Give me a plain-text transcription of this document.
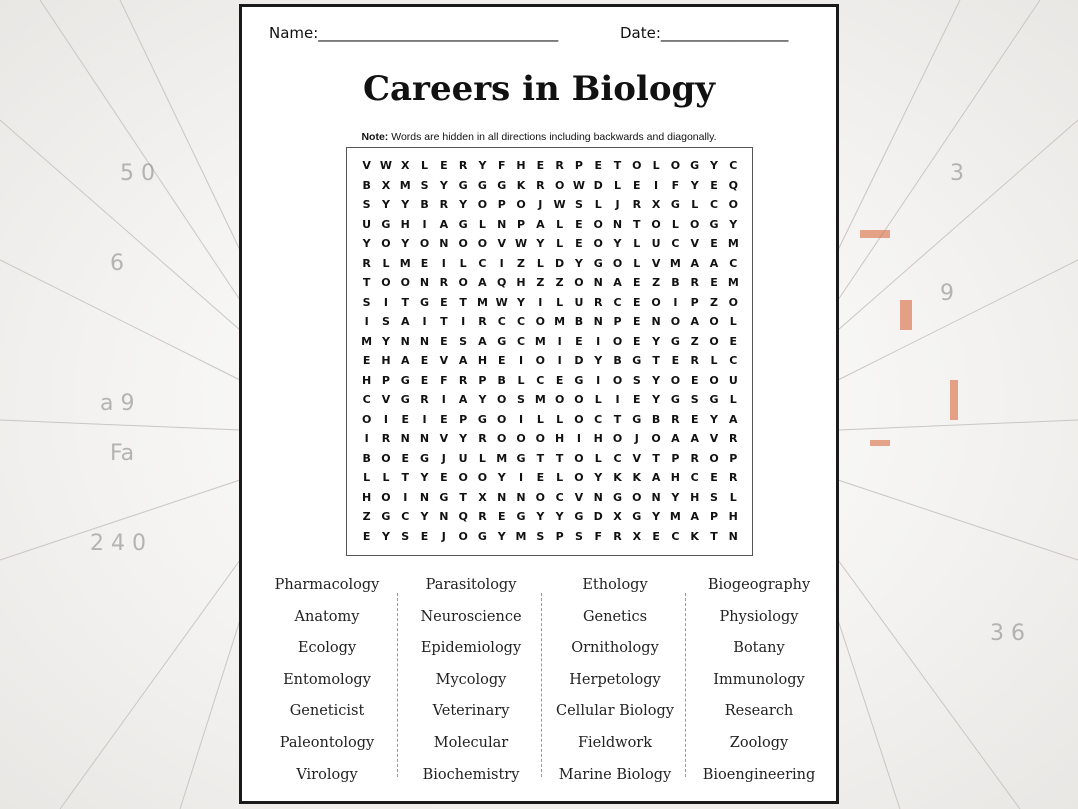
5 0
6
a 9
Fa
2 4 0
3
9
3 6
Name:________________________________	Date:_________________
Careers in Biology
Note: Words are hidden in all directions including backwards and diagonally.
V W X	L	E	R	Y	F H E	R	P	E	T O	L	O G Y	C
B X M S	Y G G G K R O W D	L	E	I	F	Y	E Q
S	Y	Y	B R	Y O P O	J	W S	L	J	R X G	L	C O
U G H	I	A G	L	N P	A	L	E O N T O	L	O G Y
Y O Y O N O O V W Y	L	E O Y	L	U C	V	E M
R	L M E	I	L	C	I	Z	L	D Y G O	L	V M A A	C
T O O N R O A Q H Z	Z O N A	E	Z	B R	E M
S	I	T	G	E	T M W Y	I	L	U R	C	E O	I	P	Z O
I	S	A	I	T	I	R	C	C O M B N P	E N O A O	L
M Y N N E	S	A G C M	I	E	I	O E	Y G Z O E
E H A	E	V A H E	I	O	I	D Y	B G	T	E	R	L	C
H P G	E	F	R	P	B	L	C	E	G	I	O S	Y O E O U
C	V G R	I	A	Y O S M O O	L	I	E	Y G S G	L
O	I	E	I	E	P G O	I	L	L	O C	T	G B R	E	Y	A
I	R N N V	Y	R O O O H	I	H O	J	O A A V R
B O E	G	J	U	L M G	T	T O	L	C	V	T	P	R O P
L	L	T	Y	E O O Y	I	E	L	O Y	K K A H C	E	R
H O	I	N G	T	X N N O C	V N G O N Y H S	L
Z G C	Y N Q R	E	G Y	Y G D X G Y M A	P H
E	Y	S	E	J	O G Y M S	P	S	F	R X	E	C K	T N
Pharmacology
Anatomy
Ecology
Entomology
Geneticist
Paleontology
Virology
Parasitology
Neuroscience
Epidemiology
Mycology
Veterinary
Molecular
Biochemistry
Ethology
Genetics
Ornithology
Herpetology
Cellular Biology
Fieldwork
Marine Biology
Biogeography
Physiology
Botany
Immunology
Research
Zoology
Bioengineering
